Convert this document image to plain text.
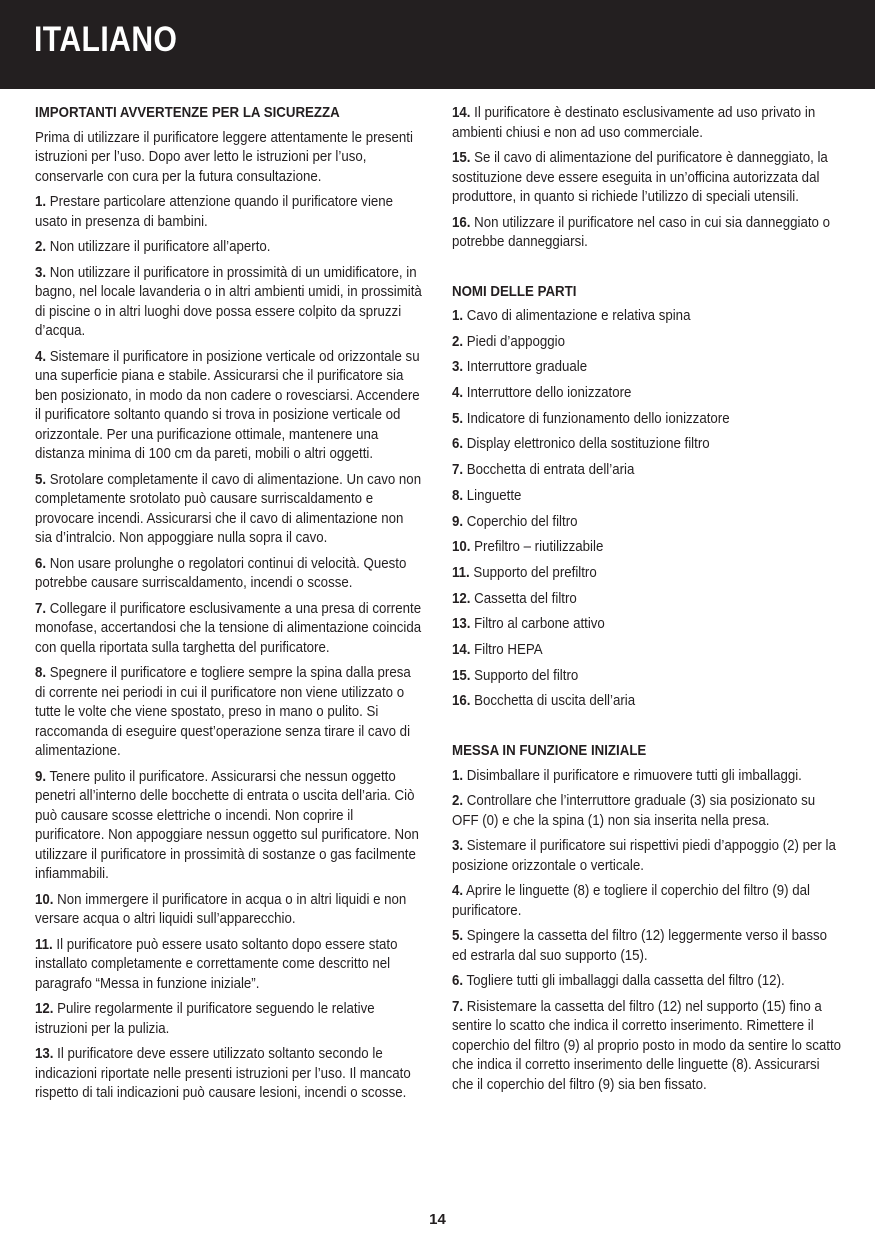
ITALIANO
IMPORTANTI AVVERTENZE PER LA SICUREZZA
Prima di utilizzare il purificatore leggere attentamente le presenti istruzioni per l’uso. Dopo aver letto le istruzioni per l’uso, conservarle con cura per la futura consultazione.
1. Prestare particolare attenzione quando il purificatore viene usato in presenza di bambini.
2. Non utilizzare il purificatore all’aperto.
3. Non utilizzare il purificatore in prossimità di un umidificatore, in bagno, nel locale lavanderia o in altri ambienti umidi, in prossimità di piscine o in altri luoghi dove possa essere colpito da spruzzi d’acqua.
4. Sistemare il purificatore in posizione verticale od orizzontale su una superficie piana e stabile. Assicurarsi che il purificatore sia ben posizionato, in modo da non cadere o rovesciarsi. Accendere il purificatore soltanto quando si trova in posizione verticale od orizzontale. Per una purificazione ottimale, mantenere una distanza minima di 100 cm da pareti, mobili o altri oggetti.
5. Srotolare completamente il cavo di alimentazione. Un cavo non completamente srotolato può causare surriscaldamento e provocare incendi. Assicurarsi che il cavo di alimentazione non sia d’intralcio. Non appoggiare nulla sopra il cavo.
6. Non usare prolunghe o regolatori continui di velocità. Questo potrebbe causare surriscaldamento, incendi o scosse.
7. Collegare il purificatore esclusivamente a una presa di corrente monofase, accertandosi che la tensione di alimentazione coincida con quella riportata sulla targhetta del purificatore.
8. Spegnere il purificatore e togliere sempre la spina dalla presa di corrente nei periodi in cui il purificatore non viene utilizzato o tutte le volte che viene spostato, preso in mano o pulito. Si raccomanda di eseguire quest’operazione senza tirare il cavo di alimentazione.
9. Tenere pulito il purificatore. Assicurarsi che nessun oggetto penetri all’interno delle bocchette di entrata o uscita dell’aria. Ciò può causare scosse elettriche o incendi. Non coprire il purificatore. Non appoggiare nessun oggetto sul purificatore. Non utilizzare il purificatore in prossimità di sostanze o gas facilmente infiammabili.
10. Non immergere il purificatore in acqua o in altri liquidi e non versare acqua o altri liquidi sull’apparecchio.
11. Il purificatore può essere usato soltanto dopo essere stato installato completamente e correttamente come descritto nel paragrafo “Messa in funzione iniziale”.
12. Pulire regolarmente il purificatore seguendo le relative istruzioni per la pulizia.
13. Il purificatore deve essere utilizzato soltanto secondo le indicazioni riportate nelle presenti istruzioni per l’uso. Il mancato rispetto di tali indicazioni può causare lesioni, incendi o scosse.
14. Il purificatore è destinato esclusivamente ad uso privato in ambienti chiusi e non ad uso commerciale.
15. Se il cavo di alimentazione del purificatore è danneggiato, la sostituzione deve essere eseguita in un’officina autorizzata dal produttore, in quanto si richiede l’utilizzo di speciali utensili.
16. Non utilizzare il purificatore nel caso in cui sia danneggiato o potrebbe danneggiarsi.
NOMI DELLE PARTI
1. Cavo di alimentazione e relativa spina
2. Piedi d’appoggio
3. Interruttore graduale
4. Interruttore dello ionizzatore
5. Indicatore di funzionamento dello ionizzatore
6. Display elettronico della sostituzione filtro
7. Bocchetta di entrata dell’aria
8. Linguette
9. Coperchio del filtro
10. Prefiltro – riutilizzabile
11. Supporto del prefiltro
12. Cassetta del filtro
13. Filtro al carbone attivo
14. Filtro HEPA
15. Supporto del filtro
16. Bocchetta di uscita dell’aria
MESSA IN FUNZIONE INIZIALE
1. Disimballare il purificatore e rimuovere tutti gli imballaggi.
2. Controllare che l’interruttore graduale (3) sia posizionato su OFF (0) e che la spina (1) non sia inserita nella presa.
3. Sistemare il purificatore sui rispettivi piedi d’appoggio (2) per la posizione orizzontale o verticale.
4. Aprire le linguette (8) e togliere il coperchio del filtro (9) dal purificatore.
5. Spingere la cassetta del filtro (12) leggermente verso il basso ed estrarla dal suo supporto (15).
6. Togliere tutti gli imballaggi dalla cassetta del filtro (12).
7. Risistemare la cassetta del filtro (12) nel supporto (15) fino a sentire lo scatto che indica il corretto inserimento. Rimettere il coperchio del filtro (9) al proprio posto in modo da sentire lo scatto che indica il corretto inserimento delle linguette (8). Assicurarsi che il coperchio del filtro (9) sia ben fissato.
14
